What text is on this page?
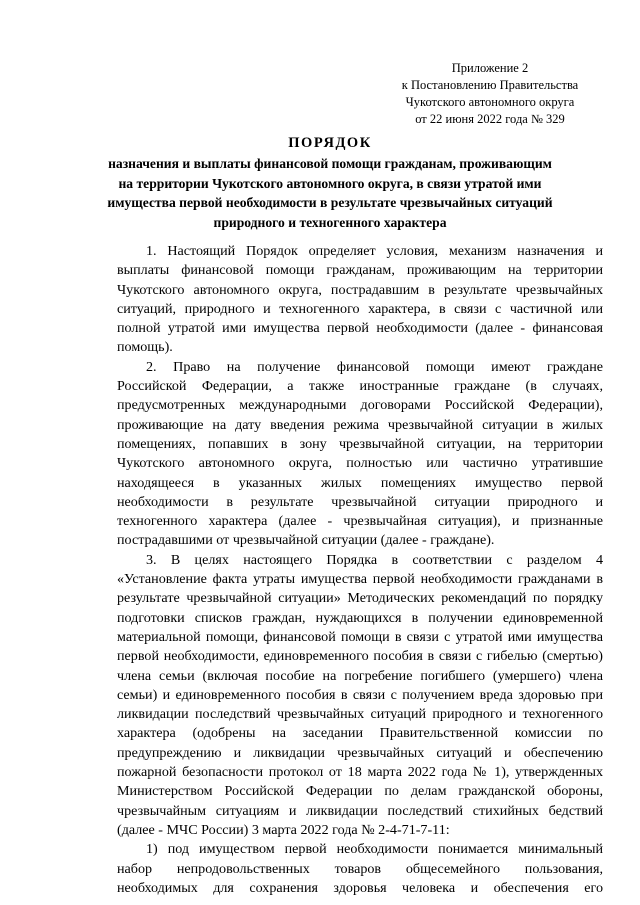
Приложение 2
к Постановлению Правительства
Чукотского автономного округа
от 22 июня 2022 года № 329
ПОРЯДОК
назначения и выплаты финансовой помощи гражданам, проживающим
на территории Чукотского автономного округа, в связи утратой ими
имущества первой необходимости в результате чрезвычайных ситуаций
природного и техногенного характера
1. Настоящий Порядок определяет условия, механизм назначения и
выплаты финансовой помощи гражданам, проживающим на территории
Чукотского автономного округа, пострадавшим в результате чрезвычайных
ситуаций, природного и техногенного характера, в связи с частичной или
полной утратой ими имущества первой необходимости (далее - финансовая
помощь).
2. Право на получение финансовой помощи имеют граждане
Российской Федерации, а также иностранные граждане (в случаях,
предусмотренных международными договорами Российской Федерации),
проживающие на дату введения режима чрезвычайной ситуации в жилых
помещениях, попавших в зону чрезвычайной ситуации, на территории
Чукотского автономного округа, полностью или частично утратившие
находящееся в указанных жилых помещениях имущество первой
необходимости в результате чрезвычайной ситуации природного и
техногенного характера (далее - чрезвычайная ситуация), и признанные
пострадавшими от чрезвычайной ситуации (далее - граждане).
3. В целях настоящего Порядка в соответствии с разделом 4
«Установление факта утраты имущества первой необходимости гражданами в
результате чрезвычайной ситуации» Методических рекомендаций по порядку
подготовки списков граждан, нуждающихся в получении единовременной
материальной помощи, финансовой помощи в связи с утратой ими имущества
первой необходимости, единовременного пособия в связи с гибелью (смертью)
члена семьи (включая пособие на погребение погибшего (умершего) члена
семьи) и единовременного пособия в связи с получением вреда здоровью при
ликвидации последствий чрезвычайных ситуаций природного и техногенного
характера (одобрены на заседании Правительственной комиссии по
предупреждению и ликвидации чрезвычайных ситуаций и обеспечению
пожарной безопасности протокол от 18 марта 2022 года № 1), утвержденных
Министерством Российской Федерации по делам гражданской обороны,
чрезвычайным ситуациям и ликвидации последствий стихийных бедствий
(далее - МЧС России) 3 марта 2022 года № 2-4-71-7-11:
1) под имуществом первой необходимости понимается минимальный
набор непродовольственных товаров общесемейного пользования,
необходимых для сохранения здоровья человека и обеспечения его
